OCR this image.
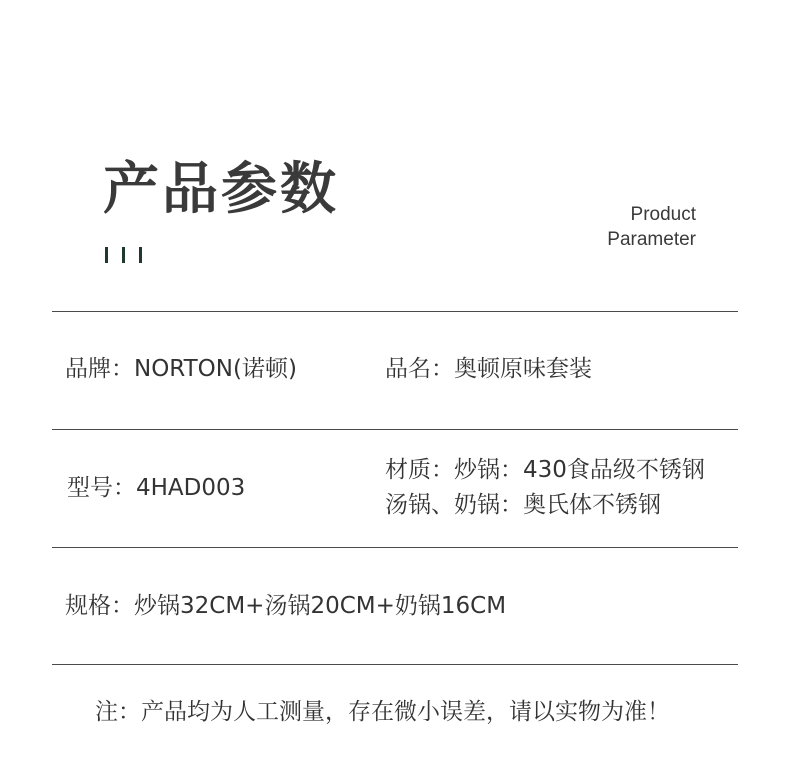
产品参数	Product
Parameter
品牌：NORTON(诺顿)	品名：奥顿原味套装
型号：4HAD003
材质：炒锅：430食品级不锈钢
汤锅、奶锅：奥氏体不锈钢
规格：炒锅32CM+汤锅20CM+奶锅16CM
注：产品均为人工测量，存在微小误差，请以实物为准！
